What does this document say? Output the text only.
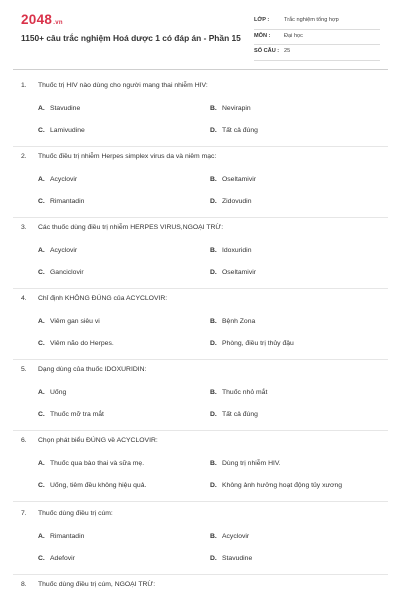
2048.vn
1150+ câu trắc nghiệm Hoá dược 1 có đáp án - Phần 15
LỚP :	Trắc nghiệm tổng hợp
MÔN : Đại học
SỐ CÂU : 25
1. Thuốc trị HIV nào dùng cho người mang thai nhiễm HIV:
A. Stavudine	B. Nevirapin
C. Lamivudine	D. Tất cả đúng
2. Thuốc điều trị nhiễm Herpes simplex virus da và niêm mạc:
A. Acyclovir	B. Oseltamivir
C. Rimantadin	D. Zidovudin
3. Các thuốc dùng điều trị nhiễm HERPES VIRUS,NGOẠI TRỪ:
A. Acyclovir	B. Idoxuridin
C. Ganciclovir	D. Oseltamivir
4. Chỉ định KHÔNG ĐÚNG của ACYCLOVIR:
A. Viêm gan siêu vi	B. Bệnh Zona
C. Viêm não do Herpes.	D. Phòng, điều trị thủy đậu
5. Dạng dùng của thuốc IDOXURIDIN:
A. Uống	B. Thuốc nhỏ mắt
C. Thuốc mỡ tra mắt	D. Tất cả đúng
6. Chọn phát biểu ĐÚNG về ACYCLOVIR:
A. Thuốc qua bào thai và sữa mẹ.	B. Dùng trị nhiễm HIV.
C. Uống, tiêm đều không hiệu quả.	D. Không ảnh hưởng hoạt động tủy xương
7. Thuốc dùng điều trị cúm:
A. Rimantadin	B. Acyclovir
C. Adefovir	D. Stavudine
8. Thuốc dùng điều trị cúm, NGOẠI TRỪ:
